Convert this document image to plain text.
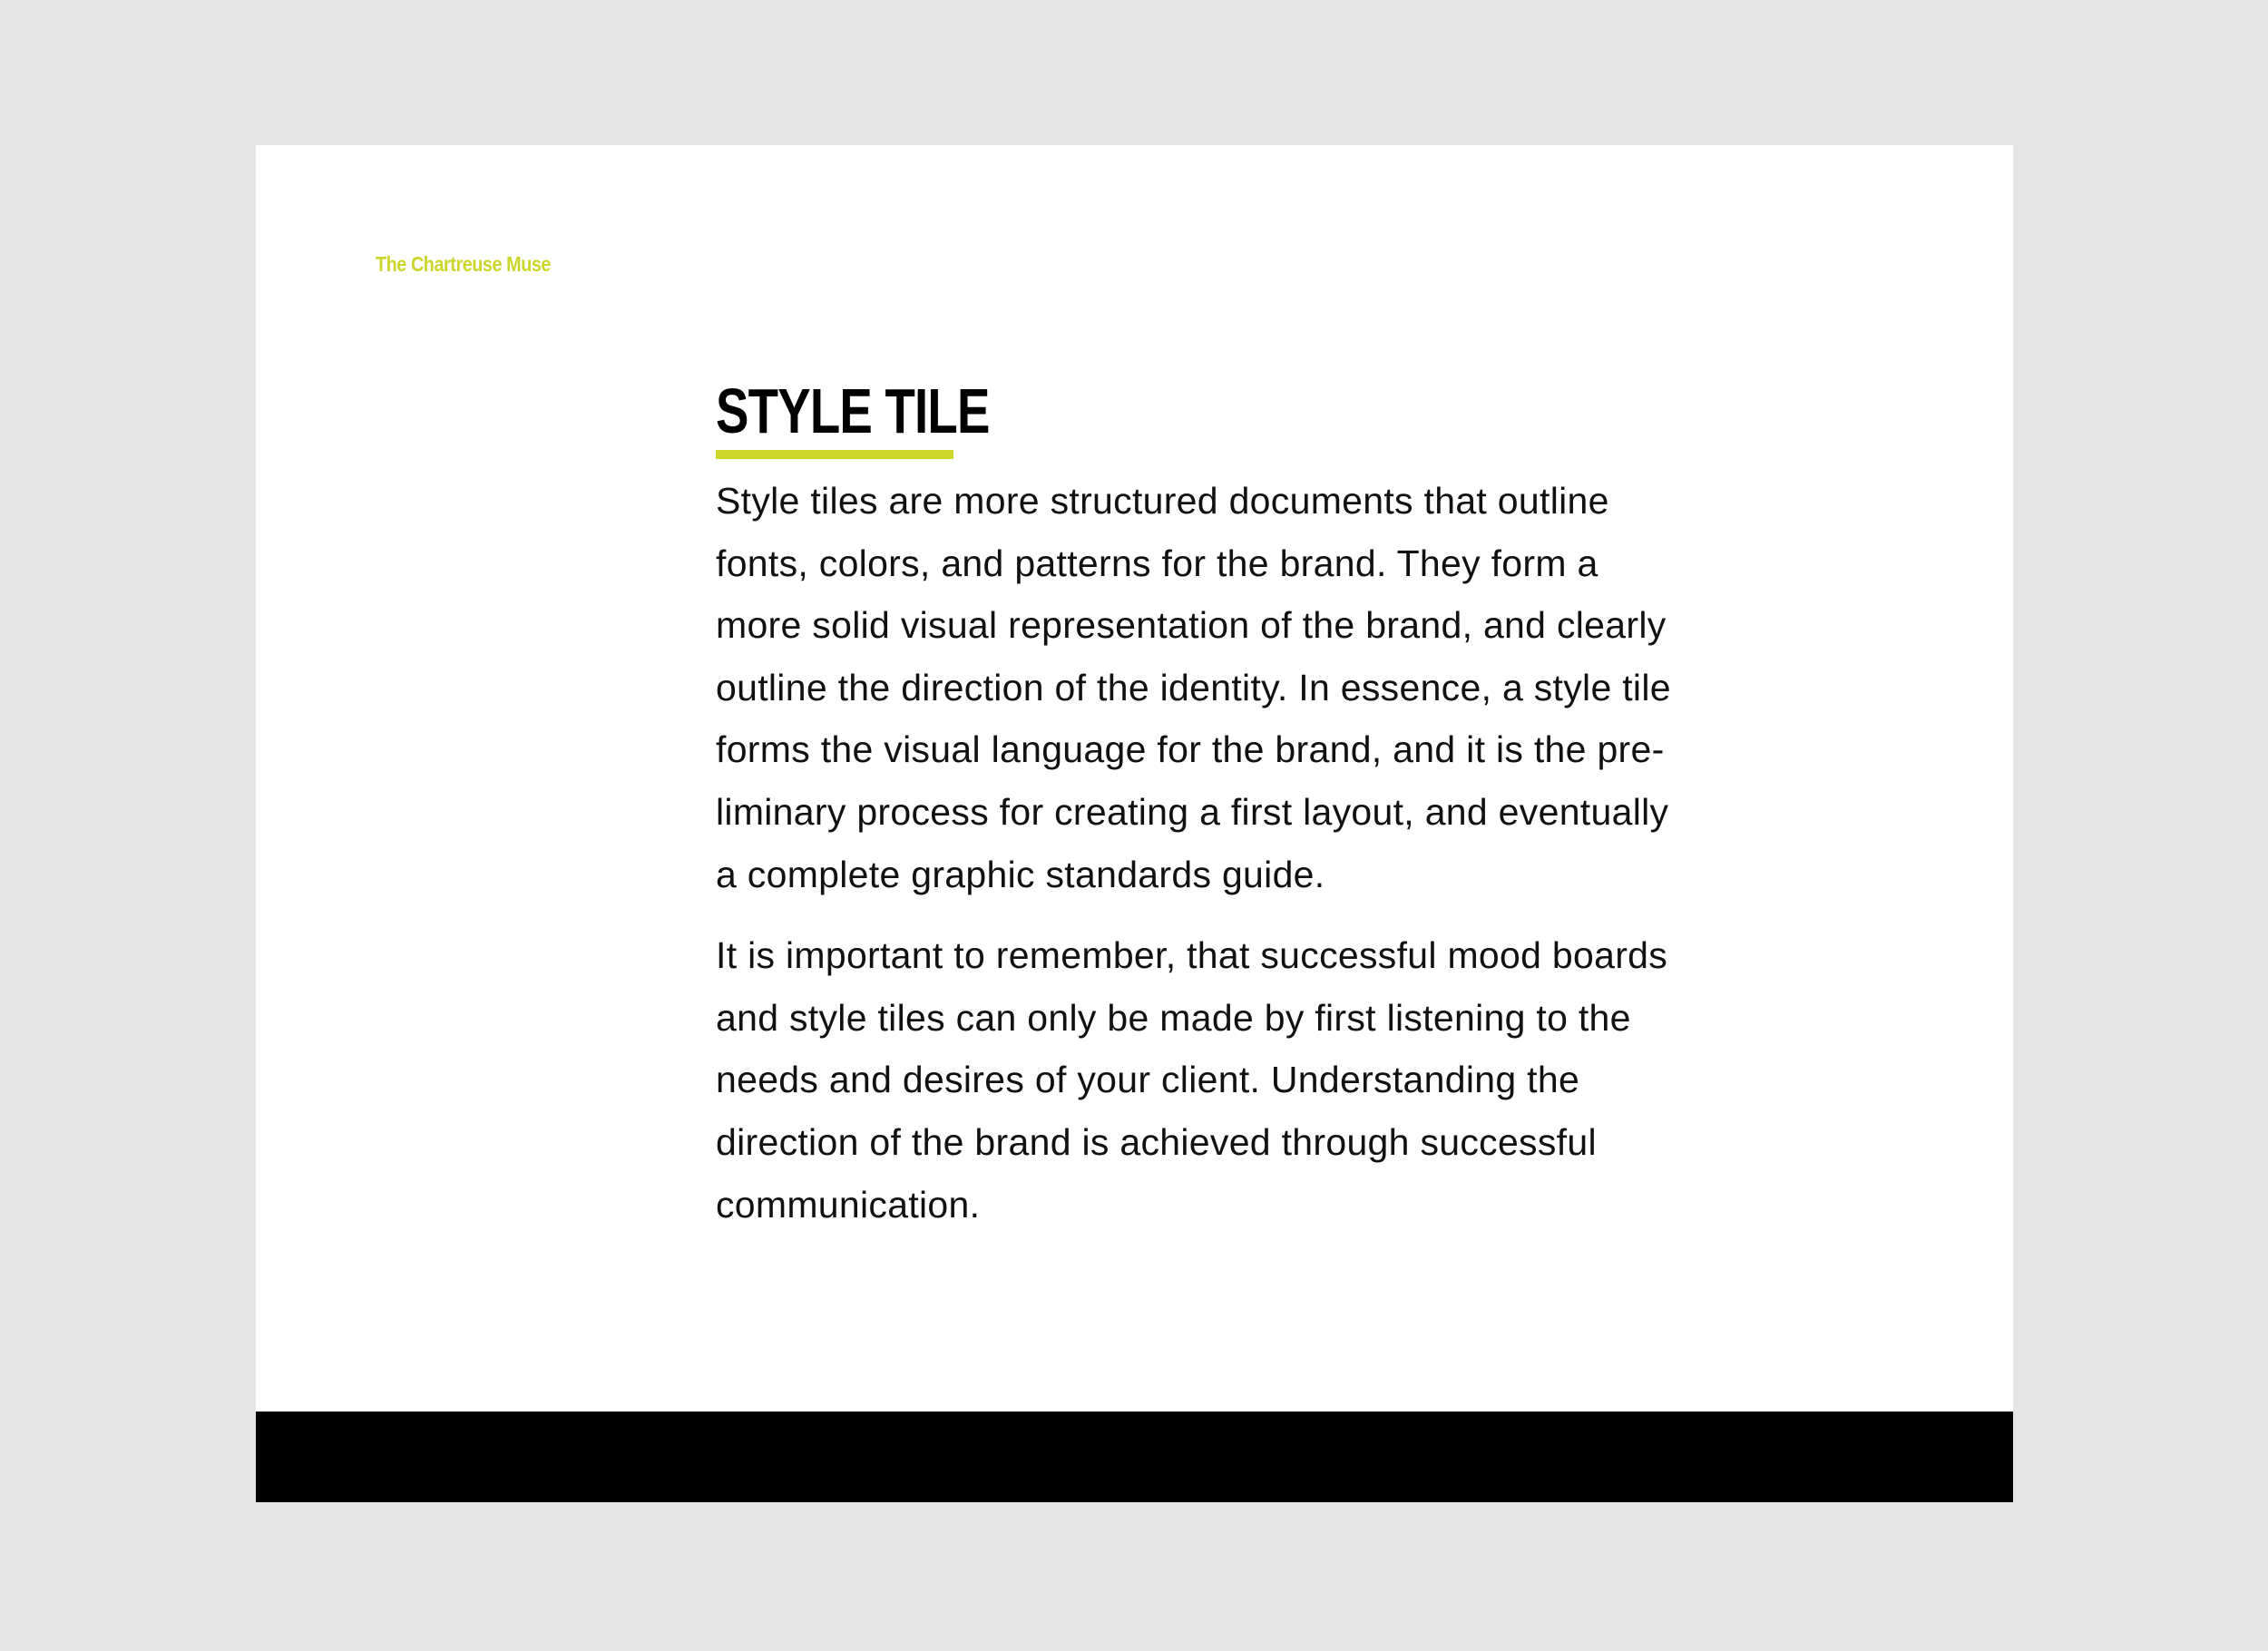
The Chartreuse Muse
STYLE TILE

Style tiles are more structured documents that outline
fonts, colors, and patterns for the brand. They form a
more solid visual representation of the brand, and clearly
outline the direction of the identity. In essence, a style tile
forms the visual language for the brand, and it is the pre-
liminary process for creating a first layout, and eventually
a complete graphic standards guide.

It is important to remember, that successful mood boards
and style tiles can only be made by first listening to the
needs and desires of your client. Understanding the
direction of the brand is achieved through successful
communication.
